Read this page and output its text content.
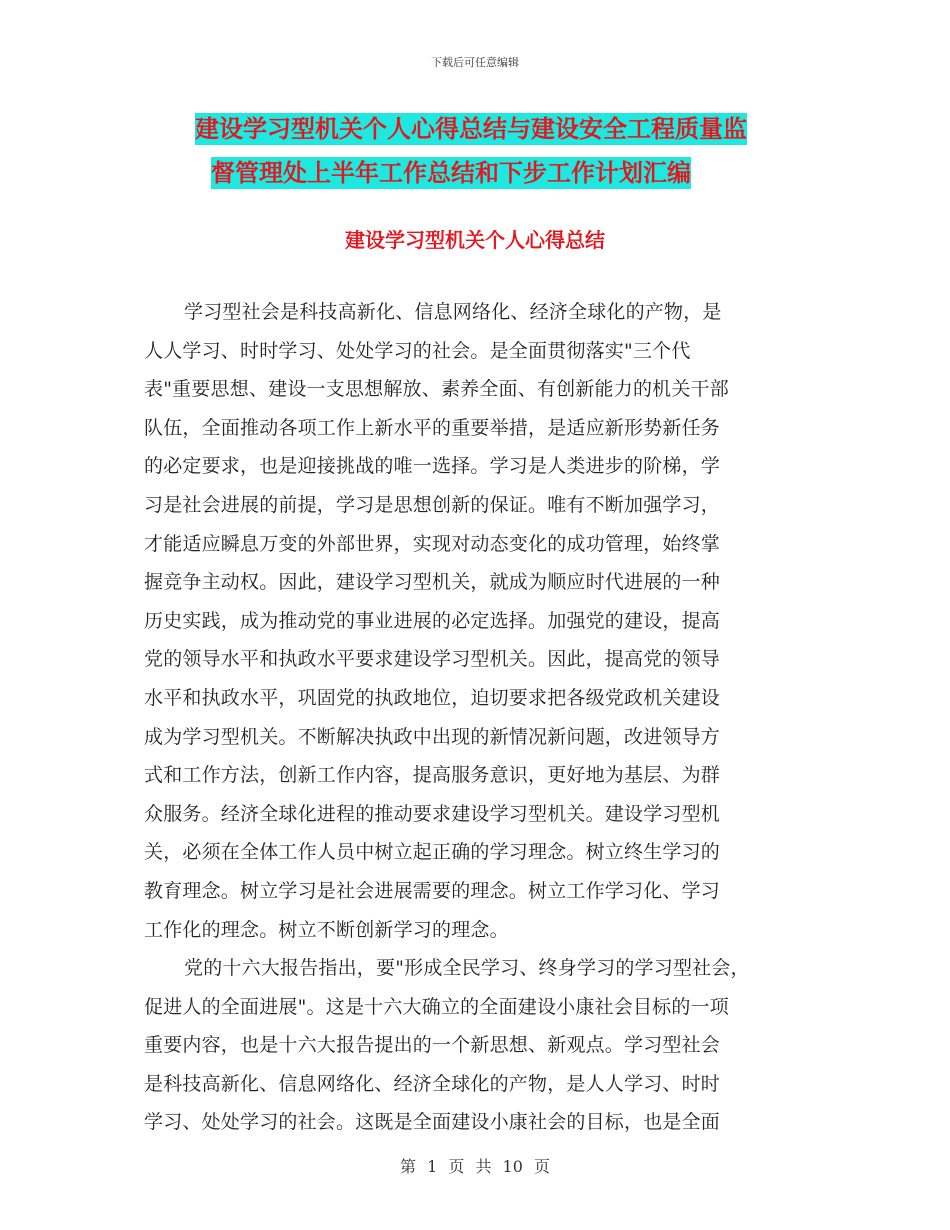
下载后可任意编辑
建设学习型机关个人心得总结与建设安全工程质量监
督管理处上半年工作总结和下步工作计划汇编
建设学习型机关个人心得总结
学习型社会是科技高新化、信息网络化、经济全球化的产物，是
人人学习、时时学习、处处学习的社会。是全面贯彻落实"三个代
表"重要思想、建设一支思想解放、素养全面、有创新能力的机关干部
队伍，全面推动各项工作上新水平的重要举措，是适应新形势新任务
的必定要求，也是迎接挑战的唯一选择。学习是人类进步的阶梯，学
习是社会进展的前提，学习是思想创新的保证。唯有不断加强学习，
才能适应瞬息万变的外部世界，实现对动态变化的成功管理，始终掌
握竞争主动权。因此，建设学习型机关，就成为顺应时代进展的一种
历史实践，成为推动党的事业进展的必定选择。加强党的建设，提高
党的领导水平和执政水平要求建设学习型机关。因此，提高党的领导
水平和执政水平，巩固党的执政地位，迫切要求把各级党政机关建设
成为学习型机关。不断解决执政中出现的新情况新问题，改进领导方
式和工作方法，创新工作内容，提高服务意识，更好地为基层、为群
众服务。经济全球化进程的推动要求建设学习型机关。建设学习型机
关，必须在全体工作人员中树立起正确的学习理念。树立终生学习的
教育理念。树立学习是社会进展需要的理念。树立工作学习化、学习
工作化的理念。树立不断创新学习的理念。
党的十六大报告指出，要"形成全民学习、终身学习的学习型社会，
促进人的全面进展"。这是十六大确立的全面建设小康社会目标的一项
重要内容，也是十六大报告提出的一个新思想、新观点。学习型社会
是科技高新化、信息网络化、经济全球化的产物，是人人学习、时时
学习、处处学习的社会。这既是全面建设小康社会的目标，也是全面
第 1 页 共 10 页
